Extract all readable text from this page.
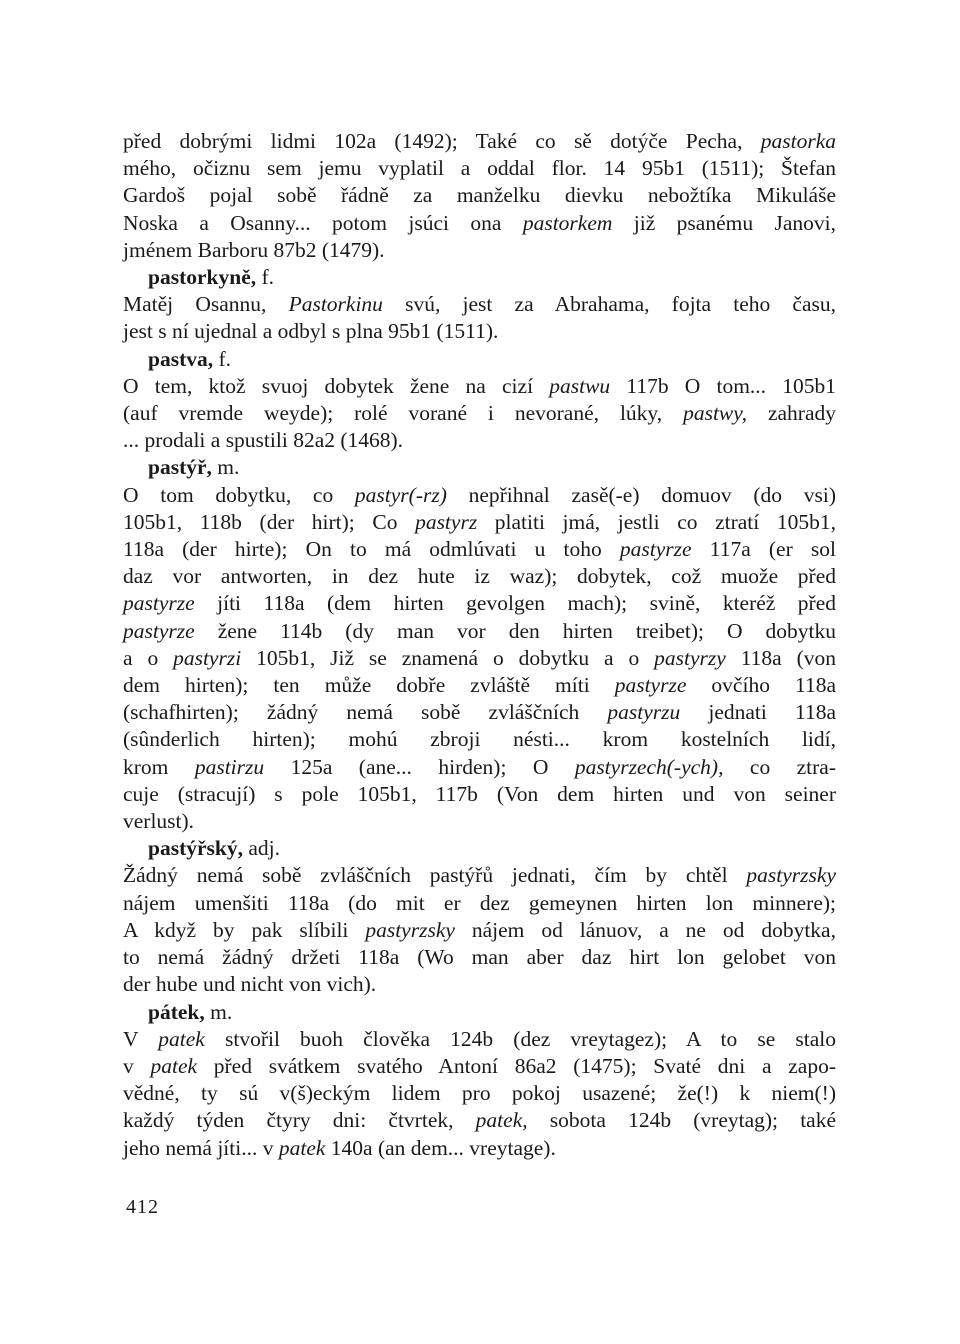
před dobrými lidmi 102a (1492); Také co sě dotýče Pecha, pastorka
mého, očiznu sem jemu vyplatil a oddal flor. 14 95b1 (1511); Štefan
Gardoš pojal sobě řádně za manželku dievku nebožtíka Mikuláše
Noska a Osanny... potom jsúci ona pastorkem již psanému Janovi,
jménem Barboru 87b2 (1479).
pastorkyně, f.
Matěj Osannu, Pastorkinu svú, jest za Abrahama, fojta teho času,
jest s ní ujednal a odbyl s plna 95b1 (1511).
pastva, f.
O tem, ktož svuoj dobytek žene na cizí pastwu 117b O tom... 105b1
(auf vremde weyde); rolé vorané i nevorané, lúky, pastwy, zahrady
... prodali a spustili 82a2 (1468).
pastýř, m.
O tom dobytku, co pastyr(-rz) nepřihnal zasě(-e) domuov (do vsi)
105b1, 118b (der hirt); Co pastyrz platiti jmá, jestli co ztratí 105b1,
118a (der hirte); On to má odmlúvati u toho pastyrze 117a (er sol
daz vor antworten, in dez hute iz waz); dobytek, což muože před
pastyrze jíti 118a (dem hirten gevolgen mach); svině, kteréž před
pastyrze žene 114b (dy man vor den hirten treibet); O dobytku
a o pastyrzi 105b1, Již se znamená o dobytku a o pastyrzy 118a (von
dem hirten); ten může dobře zvláště míti pastyrze ovčího 118a
(schafhirten); žádný nemá sobě zvláščních pastyrzu jednati 118a
(sûnderlich hirten); mohú zbroji nésti... krom kostelních lidí,
krom pastirzu 125a (ane... hirden); O pastyrzech(-ych), co ztra-
cuje (stracují) s pole 105b1, 117b (Von dem hirten und von seiner
verlust).
pastýřský, adj.
Žádný nemá sobě zvláščních pastýřů jednati, čím by chtěl pastyrzsky
nájem umenšiti 118a (do mit er dez gemeynen hirten lon minnere);
A když by pak slíbili pastyrzsky nájem od lánuov, a ne od dobytka,
to nemá žádný držeti 118a (Wo man aber daz hirt lon gelobet von
der hube und nicht von vich).
pátek, m.
V patek stvořil buoh člověka 124b (dez vreytagez); A to se stalo
v patek před svátkem svatého Antoní 86a2 (1475); Svaté dni a zapo-
vědné, ty sú v(š)eckým lidem pro pokoj usazené; že(!) k niem(!)
každý týden čtyry dni: čtvrtek, patek, sobota 124b (vreytag); také
jeho nemá jíti... v patek 140a (an dem... vreytage).
412
